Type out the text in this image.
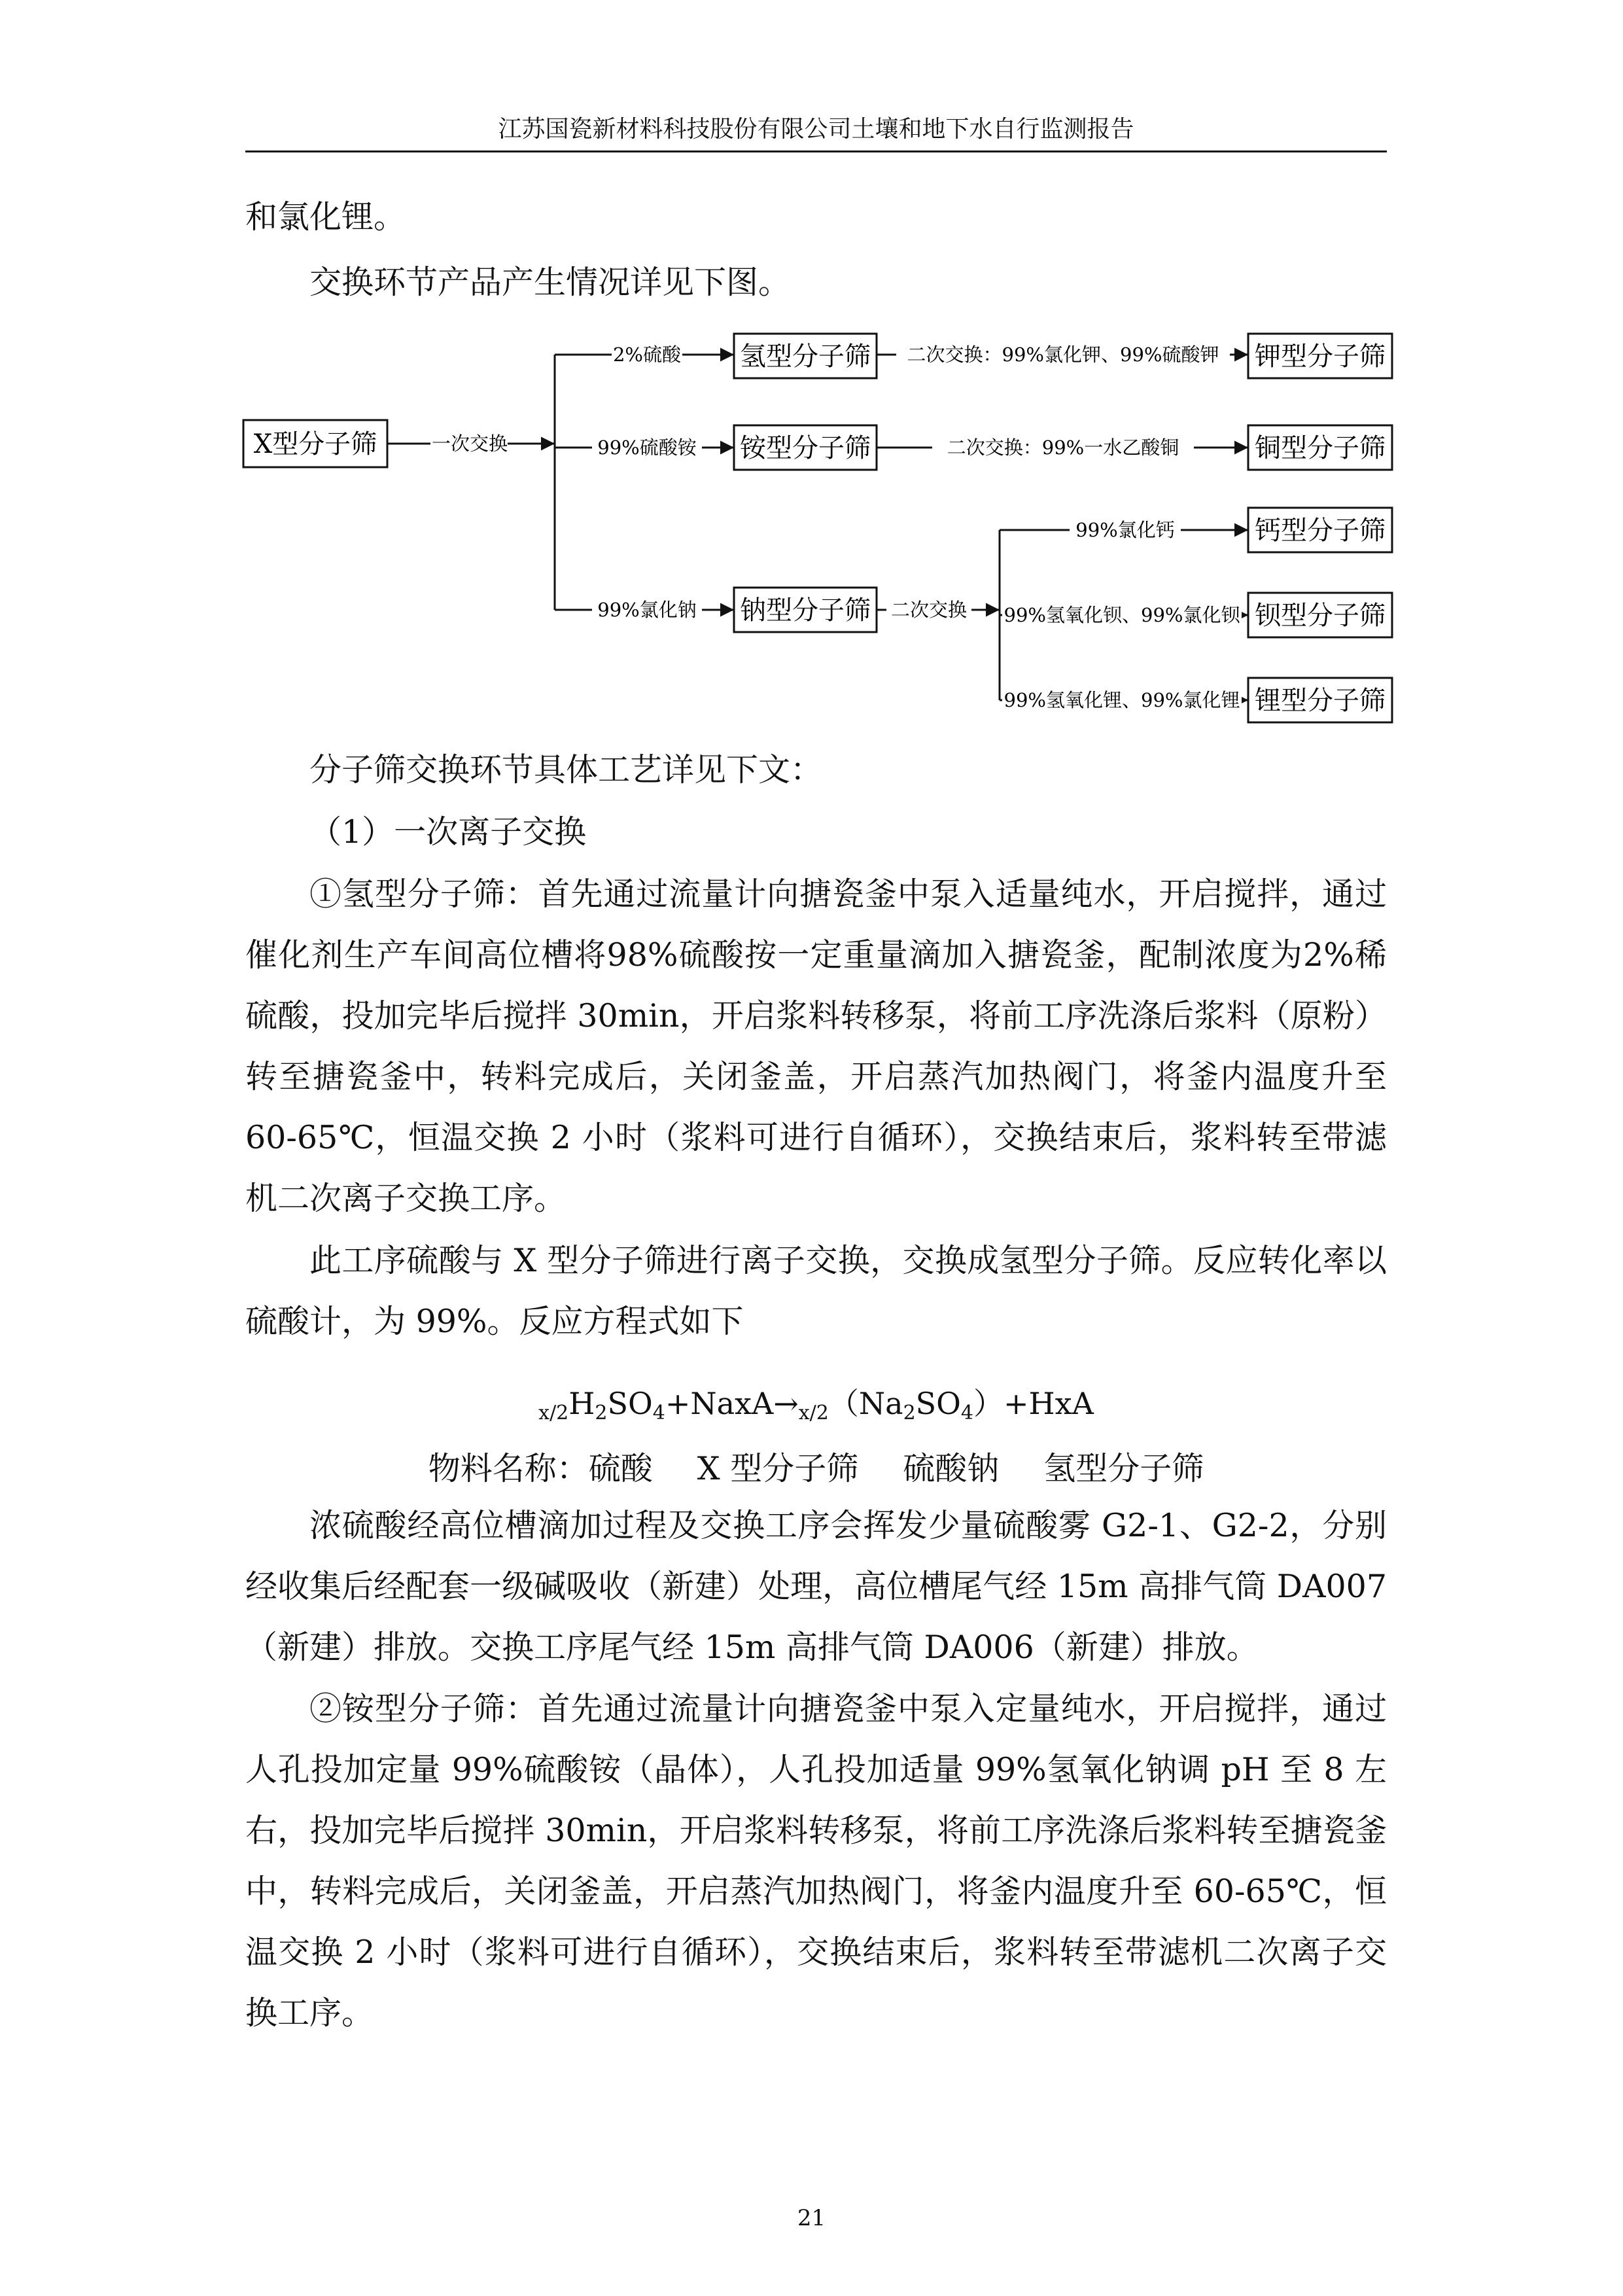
江苏国瓷新材料科技股份有限公司土壤和地下水自行监测报告
和氯化锂。
交换环节产品产生情况详见下图。
X型分子筛	一次交换
2%硫酸 氢型分子筛
99%硫酸铵 铵型分子筛
99%氯化钠 钠型分子筛
二次交换：99%氯化钾、99%硫酸钾 钾型分子筛
二次交换：99%一水乙酸铜	铜型分子筛
二次交换
99%氯化钙	钙型分子筛
99%氢氧化钡、99%氯化钡 钡型分子筛
99%氢氧化锂、99%氯化锂 锂型分子筛
分子筛交换环节具体工艺详见下文：
（1）一次离子交换
①氢型分子筛：首先通过流量计向搪瓷釜中泵入适量纯水，开启搅拌，通过催化剂生产车间高位槽将98%硫酸按一定重量滴加入搪瓷釜，配制浓度为2%稀硫酸，投加完毕后搅拌 30min，开启浆料转移泵，将前工序洗涤后浆料（原粉）转至搪瓷釜中，转料完成后，关闭釜盖，开启蒸汽加热阀门，将釜内温度升至 60-65℃，恒温交换 2 小时（浆料可进行自循环），交换结束后，浆料转至带滤机二次离子交换工序。
此工序硫酸与 X 型分子筛进行离子交换，交换成氢型分子筛。反应转化率以硫酸计，为 99%。反应方程式如下
$_{x/2}H_2SO_4+NaxA\to_{x/2}(Na_2SO_4)+HxA$
物料名称：硫酸 X 型分子筛 硫酸钠 氢型分子筛
浓硫酸经高位槽滴加过程及交换工序会挥发少量硫酸雾 G2-1、G2-2，分别经收集后经配套一级碱吸收（新建）处理，高位槽尾气经 15m 高排气筒 DA007（新建）排放。交换工序尾气经 15m 高排气筒 DA006（新建）排放。
②铵型分子筛：首先通过流量计向搪瓷釜中泵入定量纯水，开启搅拌，通过人孔投加定量 99%硫酸铵（晶体），人孔投加适量 99%氢氧化钠调 pH 至 8 左右，投加完毕后搅拌 30min，开启浆料转移泵，将前工序洗涤后浆料转至搪瓷釜中，转料完成后，关闭釜盖，开启蒸汽加热阀门，将釜内温度升至 60-65℃，恒温交换 2 小时（浆料可进行自循环），交换结束后，浆料转至带滤机二次离子交换工序。
21
